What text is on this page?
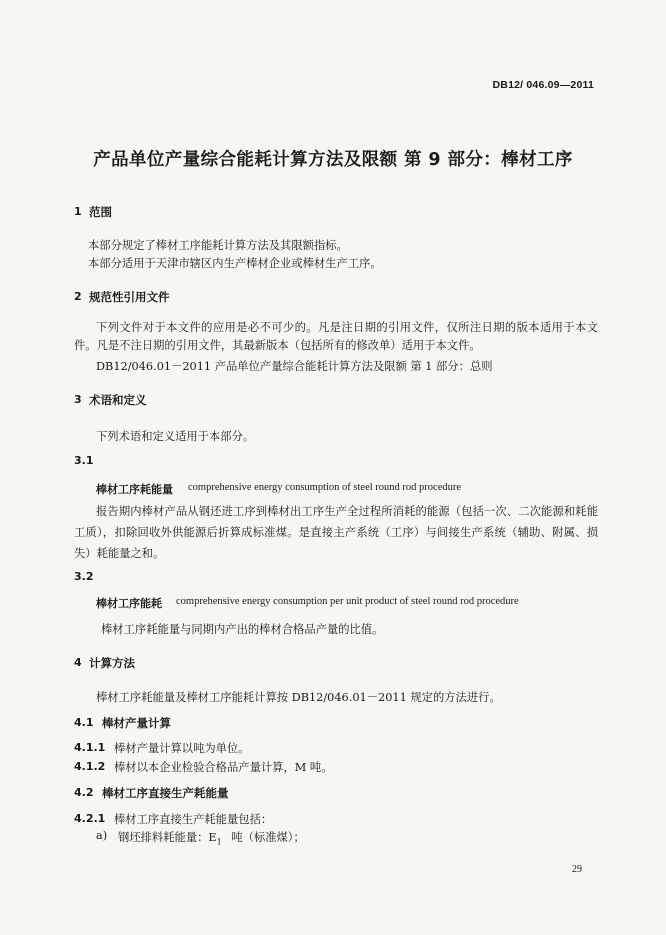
DB12/ 046.09—2011
产品单位产量综合能耗计算方法及限额 第 9 部分：棒材工序
1 范围
本部分规定了棒材工序能耗计算方法及其限额指标。
本部分适用于天津市辖区内生产棒材企业或棒材生产工序。
2 规范性引用文件
下列文件对于本文件的应用是必不可少的。凡是注日期的引用文件，仅所注日期的版本适用于本文件。凡是不注日期的引用文件，其最新版本（包括所有的修改单）适用于本文件。
DB12/046.01－2011 产品单位产量综合能耗计算方法及限额 第 1 部分：总则
3 术语和定义
下列术语和定义适用于本部分。
3.1
棒材工序耗能量 comprehensive energy consumption of steel round rod procedure
报告期内棒材产品从钢还进工序到棒材出工序生产全过程所消耗的能源（包括一次、二次能源和耗能工质），扣除回收外供能源后折算成标准煤。是直接主产系统（工序）与间接生产系统（辅助、附属、损失）耗能量之和。
3.2
棒材工序能耗 comprehensive energy consumption per unit product of steel round rod procedure
棒材工序耗能量与同期内产出的棒材合格品产量的比值。
4 计算方法
棒材工序耗能量及棒材工序能耗计算按 DB12/046.01－2011 规定的方法进行。
4.1 棒材产量计算
4.1.1 棒材产量计算以吨为单位。
4.1.2 棒材以本企业检验合格品产量计算，M 吨。
4.2 棒材工序直接生产耗能量
4.2.1 棒材工序直接生产耗能量包括：
a) 钢坯排料耗能量：$E_1$ 吨（标准煤）；
29
